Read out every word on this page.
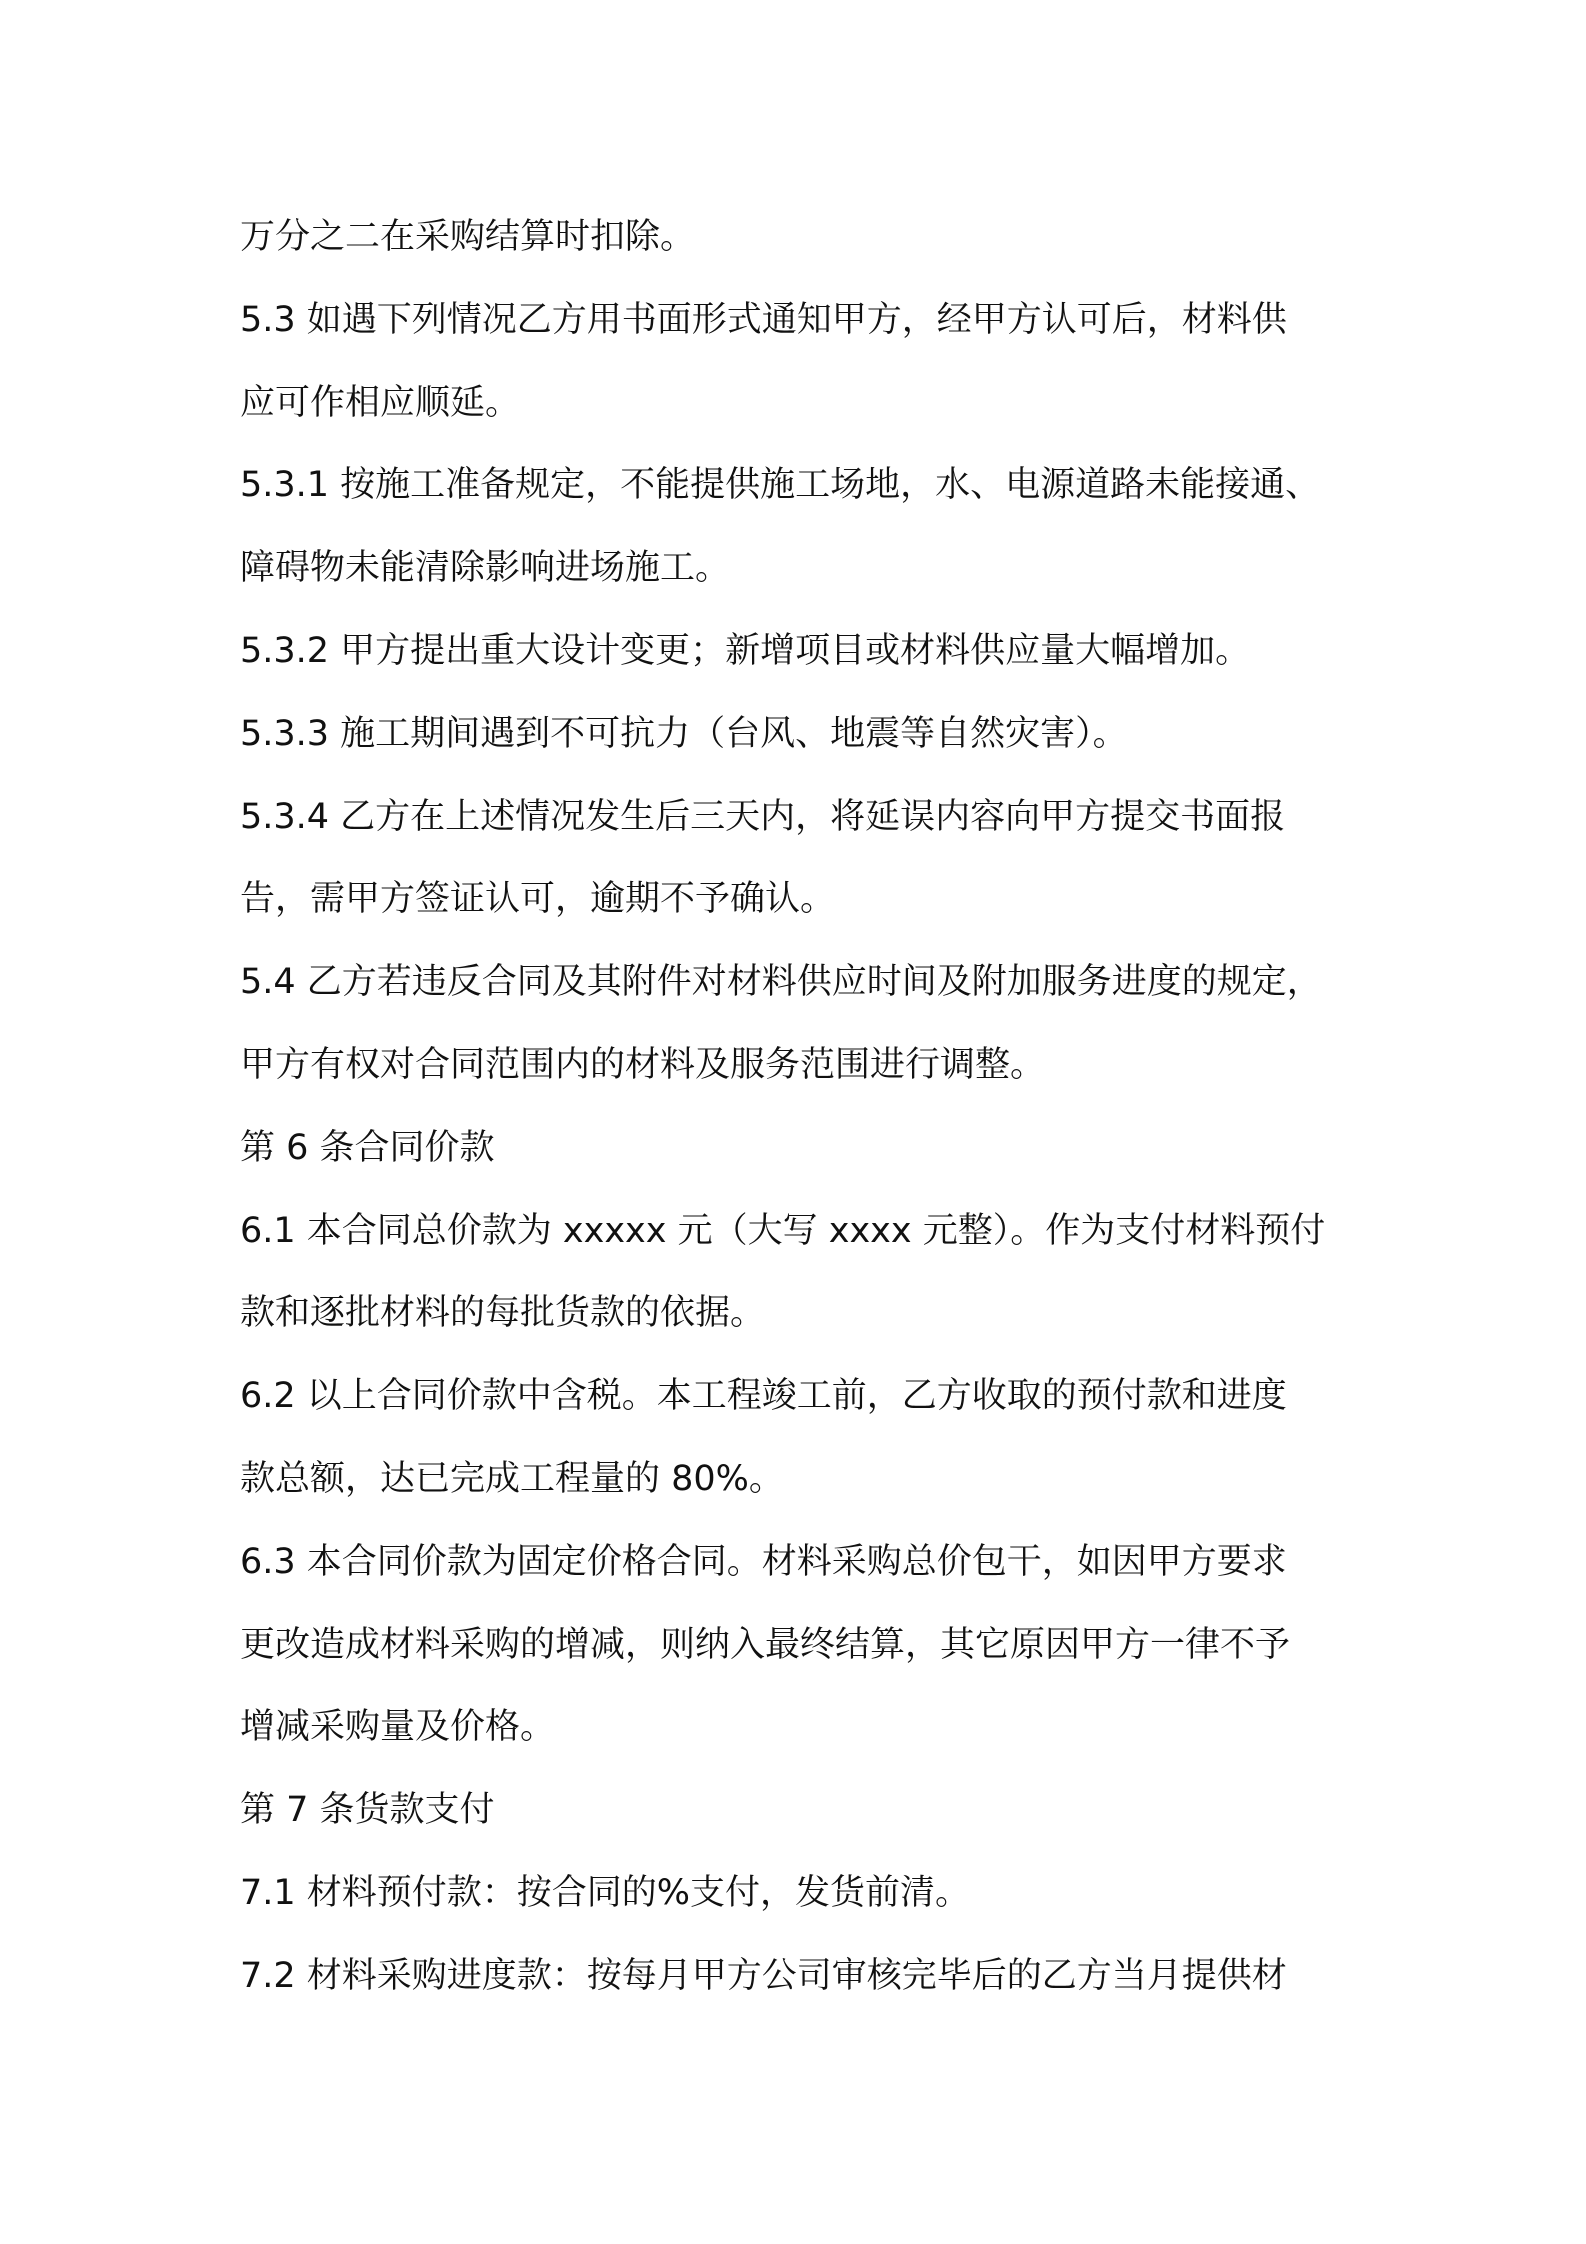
万分之二在采购结算时扣除。
5.3 如遇下列情况乙方用书面形式通知甲方，经甲方认可后，材料供
应可作相应顺延。
5.3.1 按施工准备规定，不能提供施工场地，水、电源道路未能接通、
障碍物未能清除影响进场施工。
5.3.2 甲方提出重大设计变更；新增项目或材料供应量大幅增加。
5.3.3 施工期间遇到不可抗力（台风、地震等自然灾害）。
5.3.4 乙方在上述情况发生后三天内，将延误内容向甲方提交书面报
告，需甲方签证认可，逾期不予确认。
5.4 乙方若违反合同及其附件对材料供应时间及附加服务进度的规定，
甲方有权对合同范围内的材料及服务范围进行调整。
第 6 条合同价款
6.1 本合同总价款为 xxxxx 元（大写 xxxx 元整）。作为支付材料预付
款和逐批材料的每批货款的依据。
6.2 以上合同价款中含税。本工程竣工前，乙方收取的预付款和进度
款总额，达已完成工程量的 80%。
6.3 本合同价款为固定价格合同。材料采购总价包干，如因甲方要求
更改造成材料采购的增减，则纳入最终结算，其它原因甲方一律不予
增减采购量及价格。
第 7 条货款支付
7.1 材料预付款：按合同的%支付，发货前清。
7.2 材料采购进度款：按每月甲方公司审核完毕后的乙方当月提供材
